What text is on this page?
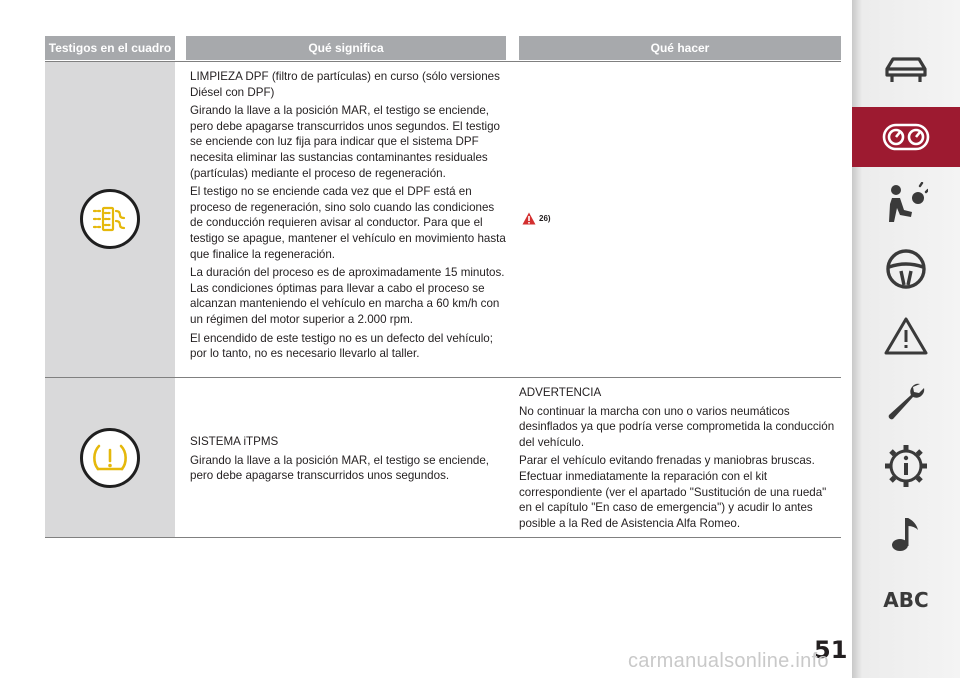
Testigos en el cuadro	Qué significa	Qué hacer

LIMPIEZA DPF (filtro de partículas) en curso (sólo versiones Diésel con DPF)

Girando la llave a la posición MAR, el testigo se enciende, pero debe apagarse transcurridos unos segundos. El testigo se enciende con luz fija para indicar que el sistema DPF necesita eliminar las sustancias contaminantes residuales (partículas) mediante el proceso de regeneración.

El testigo no se enciende cada vez que el DPF está en proceso de regeneración, sino solo cuando las condiciones de conducción requieren avisar al conductor. Para que el testigo se apague, mantener el vehículo en movimiento hasta que finalice la regeneración.

La duración del proceso es de aproximadamente 15 minutos. Las condiciones óptimas para llevar a cabo el proceso se alcanzan manteniendo el vehículo en marcha a 60 km/h con un régimen del motor superior a 2.000 rpm.

El encendido de este testigo no es un defecto del vehículo; por lo tanto, no es necesario llevarlo al taller.

26)

SISTEMA iTPMS

Girando la llave a la posición MAR, el testigo se enciende, pero debe apagarse transcurridos unos segundos.

ADVERTENCIA

No continuar la marcha con uno o varios neumáticos desinflados ya que podría verse comprometida la conducción del vehículo.

Parar el vehículo evitando frenadas y maniobras bruscas. Efectuar inmediatamente la reparación con el kit correspondiente (ver el apartado "Sustitución de una rueda" en el capítulo "En caso de emergencia") y acudir lo antes posible a la Red de Asistencia Alfa Romeo.

51
ABC
carmanualsonline.info
